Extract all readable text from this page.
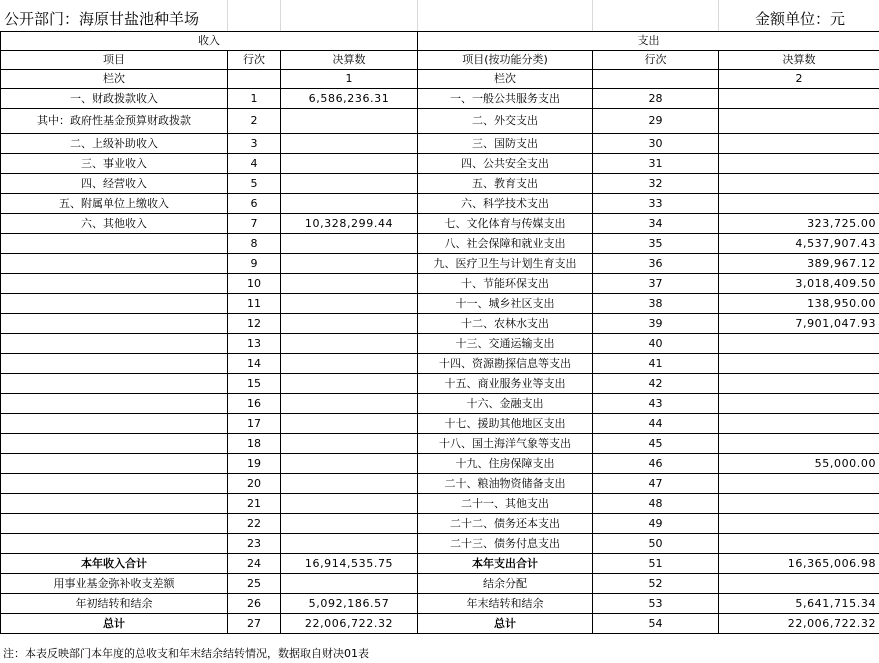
公开部门：海原甘盐池种羊场	金额单位：元
收入			支出		
项目	行次	决算数	项目(按功能分类)	行次	决算数
栏次		1	栏次		2
一、财政拨款收入	1	6,586,236.31	一、一般公共服务支出	28	
其中：政府性基金预算财政拨款	2		二、外交支出	29	
二、上级补助收入	3		三、国防支出	30	
三、事业收入	4		四、公共安全支出	31	
四、经营收入	5		五、教育支出	32	
五、附属单位上缴收入	6		六、科学技术支出	33	
六、其他收入	7	10,328,299.44	七、文化体育与传媒支出	34	323,725.00
	8		八、社会保障和就业支出	35	4,537,907.43
	9		九、医疗卫生与计划生育支出	36	389,967.12
	10		十、节能环保支出	37	3,018,409.50
	11		十一、城乡社区支出	38	138,950.00
	12		十二、农林水支出	39	7,901,047.93
	13		十三、交通运输支出	40	
	14		十四、资源勘探信息等支出	41	
	15		十五、商业服务业等支出	42	
	16		十六、金融支出	43	
	17		十七、援助其他地区支出	44	
	18		十八、国土海洋气象等支出	45	
	19		十九、住房保障支出	46	55,000.00
	20		二十、粮油物资储备支出	47	
	21		二十一、其他支出	48	
	22		二十二、债务还本支出	49	
	23		二十三、债务付息支出	50	
本年收入合计	24	16,914,535.75	本年支出合计	51	16,365,006.98
用事业基金弥补收支差额	25		结余分配	52	
年初结转和结余	26	5,092,186.57	年末结转和结余	53	5,641,715.34
总计	27	22,006,722.32	总计	54	22,006,722.32
注：本表反映部门本年度的总收支和年末结余结转情况，数据取自财决01表
